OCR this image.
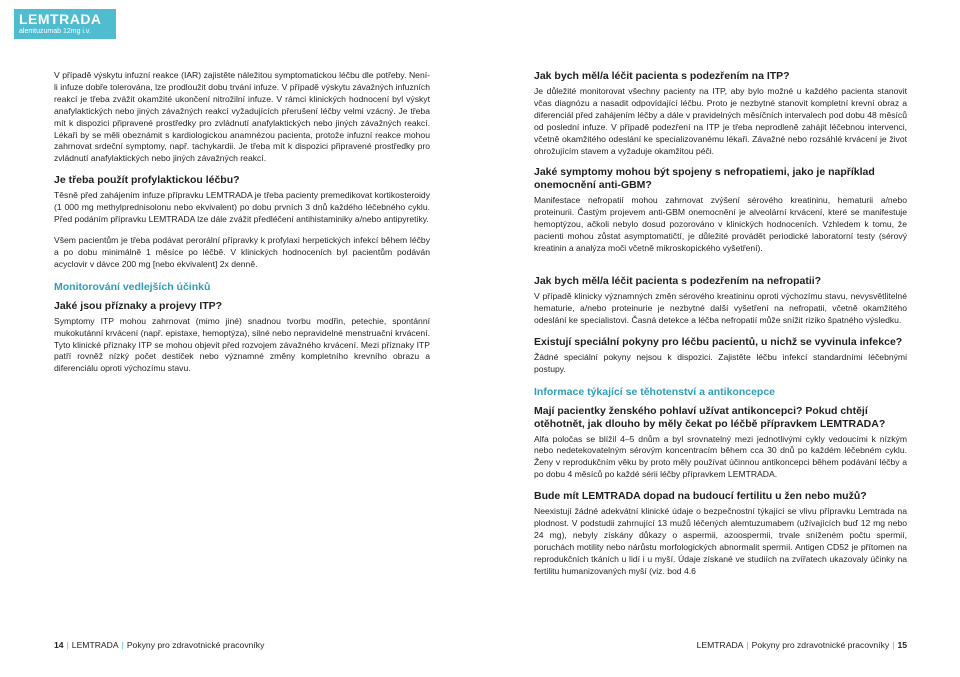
LEMTRADA
alemtuzumab 12mg i.v.

V případě výskytu infuzní reakce (IAR) zajistěte náležitou symptomatickou léčbu dle potřeby. Není-li infuze dobře tolerována, lze prodloužit dobu trvání infuze. V případě výskytu závažných infuzních reakcí je třeba zvážit okamžité ukončení nitrožilní infuze. V rámci klinických hodnocení byl výskyt anafylaktických nebo jiných závažných reakcí vyžadujících přerušení léčby velmi vzácný. Je třeba mít k dispozici připravené prostředky pro zvládnutí anafylaktických nebo jiných závažných reakcí. Lékaři by se měli obeznámit s kardiologickou anamnézou pacienta, protože infuzní reakce mohou zahrnovat srdeční symptomy, např. tachykardii. Je třeba mít k dispozici připravené prostředky pro zvládnutí anafylaktických nebo jiných závažných reakcí.

Je třeba použít profylaktickou léčbu?

Těsně před zahájením infuze přípravku LEMTRADA je třeba pacienty premedikovat kortikosteroidy (1 000 mg methylprednisolonu nebo ekvivalent) po dobu prvních 3 dnů každého léčebného cyklu. Před podáním přípravku LEMTRADA lze dále zvážit předléčení antihistaminiky a/nebo antipyretiky.

Všem pacientům je třeba podávat perorální přípravky k profylaxi herpetických infekcí během léčby a po dobu minimálně 1 měsíce po léčbě. V klinických hodnoceních byl pacientům podáván acyclovir v dávce 200 mg [nebo ekvivalent] 2x denně.

Monitorování vedlejších účinků
Jaké jsou příznaky a projevy ITP?

Symptomy ITP mohou zahrnovat (mimo jiné) snadnou tvorbu modřin, petechie, spontánní mukokutánní krvácení (např. epistaxe, hemoptýza), silné nebo nepravidelné menstruační krvácení. Tyto klinické příznaky ITP se mohou objevit před rozvojem závažného krvácení. Mezi příznaky ITP patří rovněž nízký počet destiček nebo významné změny kompletního krevního obrazu a diferenciálu oproti výchozímu stavu.

Jak bych měl/a léčit pacienta s podezřením na ITP?

Je důležité monitorovat všechny pacienty na ITP, aby bylo možné u každého pacienta stanovit včas diagnózu a nasadit odpovídající léčbu. Proto je nezbytné stanovit kompletní krevní obraz a diferenciál před zahájením léčby a dále v pravidelných měsíčních intervalech pod dobu 48 měsíců od poslední infuze. V případě podezření na ITP je třeba neprodleně zahájit léčebnou intervenci, včetně okamžitého odeslání ke specializovanému lékaři. Závažné nebo rozsáhlé krvácení je život ohrožujícím stavem a vyžaduje okamžitou péči.

Jaké symptomy mohou být spojeny s nefropatiemi, jako je například onemocnění anti-GBM?

Manifestace nefropatií mohou zahrnovat zvýšení sérového kreatininu, hematurii a/nebo proteinurii. Častým projevem anti-GBM onemocnění je alveolární krvácení, které se manifestuje hemoptýzou, ačkoli nebylo dosud pozorováno v klinických hodnoceních. Vzhledem k tomu, že pacienti mohou zůstat asymptomatičtí, je důležité provádět periodické laboratorní testy (sérový kreatinin a analýza moči včetně mikroskopického vyšetření).

Jak bych měl/a léčit pacienta s podezřením na nefropatii?

V případě klinicky významných změn sérového kreatininu oproti výchozímu stavu, nevysvětlitelné hematurie, a/nebo proteinurie je nezbytné další vyšetření na nefropatii, včetně okamžitého odeslání ke specialistovi. Časná detekce a léčba nefropatií může snížit riziko špatného výsledku.

Existují speciální pokyny pro léčbu pacientů, u nichž se vyvinula infekce?

Žádné speciální pokyny nejsou k dispozici. Zajistěte léčbu infekcí standardními léčebnými postupy.

Informace týkající se těhotenství a antikoncepce
Mají pacientky ženského pohlaví užívat antikoncepci? Pokud chtějí otěhotnět, jak dlouho by měly čekat po léčbě přípravkem LEMTRADA?

Alfa poločas se blížil 4–5 dnům a byl srovnatelný mezi jednotlivými cykly vedoucími k nízkým nebo nedetekovatelným sérovým koncentracím během cca 30 dnů po každém léčebném cyklu. Ženy v reprodukčním věku by proto měly používat účinnou antikoncepci během podávání léčby a po dobu 4 měsíců po každé sérii léčby přípravkem LEMTRADA.

Bude mít LEMTRADA dopad na budoucí fertilitu u žen nebo mužů?

Neexistují žádné adekvátní klinické údaje o bezpečnostní týkající se vlivu přípravku Lemtrada na plodnost. V podstudii zahrnující 13 mužů léčených alemtuzumabem (užívajících buď 12 mg nebo 24 mg), nebyly získány důkazy o aspermii, azoospermii, trvale sníženém počtu spermií, poruchách motility nebo nárůstu morfologických abnormalit spermií. Antigen CD52 je přítomen na reprodukčních tkáních u lidí i u myší. Údaje získané ve studiích na zvířatech ukazovaly účinky na fertilitu humanizovaných myší (viz. bod 4.6

14 | LEMTRADA | Pokyny pro zdravotnické pracovníky	LEMTRADA | Pokyny pro zdravotnické pracovníky | 15
